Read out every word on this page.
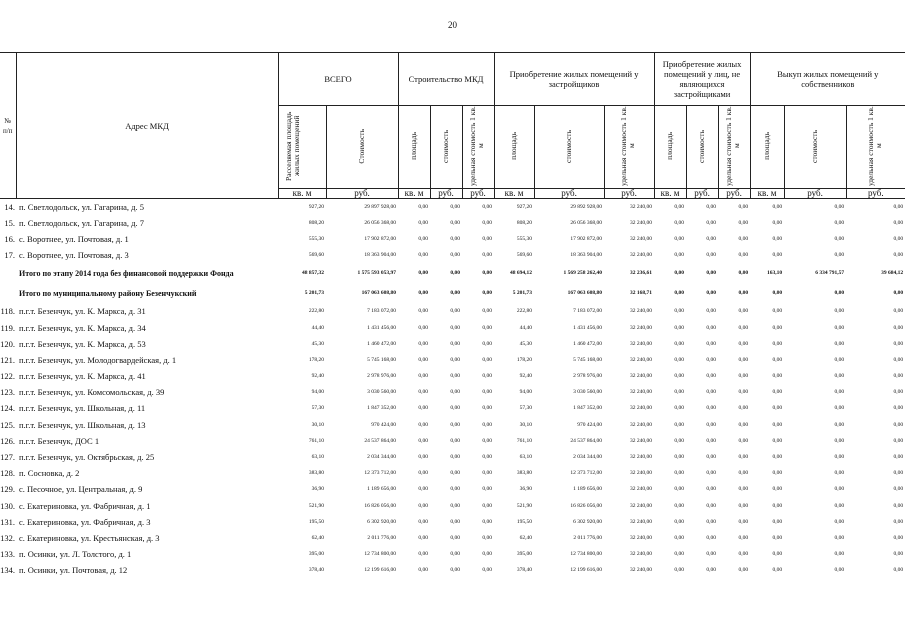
20
№ п/п	Адрес МКД	ВСЕГО		Строительство МКД			Приобретение жилых помещений у застройщиков			Приобретение жилых помещений у лиц, не являющихся застройщиками			Выкуп жилых помещений у собственников		
		Расселяемая площадь жилых помещений	Стоимость	площадь	стоимость	удельная стоимость 1 кв. м	площадь	стоимость	удельная стоимость 1 кв. м	площадь	стоимость	удельная стоимость 1 кв. м	площадь	стоимость	удельная стоимость 1 кв. м
		кв. м	руб.	кв. м	руб.	руб.	кв. м	руб.	руб.	кв. м	руб.	руб.	кв. м	руб.	руб.
14.	п. Светлодольск, ул. Гагарина, д. 5	927,20	29 897 928,00	0,00	0,00	0,00	927,20	29 892 928,00	32 240,00	0,00	0,00	0,00	0,00	0,00	0,00
15.	п. Светлодольск, ул. Гагарина, д. 7	808,20	26 056 368,00	0,00	0,00	0,00	808,20	26 056 368,00	32 240,00	0,00	0,00	0,00	0,00	0,00	0,00
16.	с. Воротнее, ул. Почтовая, д. 1	555,30	17 902 872,00	0,00	0,00	0,00	555,30	17 902 872,00	32 240,00	0,00	0,00	0,00	0,00	0,00	0,00
17.	с. Воротнее, ул. Почтовая, д. 3	569,60	18 363 904,00	0,00	0,00	0,00	569,60	18 363 904,00	32 240,00	0,00	0,00	0,00	0,00	0,00	0,00
	Итого по этапу 2014 года без финансовой поддержки Фонда	48 857,32	1 575 593 053,97	0,00	0,00	0,00	48 694,12	1 569 258 262,40	32 236,61	0,00	0,00	0,00	163,10	6 334 791,57	39 684,12
	Итого по муниципальному району Безенчукский	5 201,73	167 063 608,80	0,00	0,00	0,00	5 201,73	167 063 608,80	32 168,71	0,00	0,00	0,00	0,00	0,00	0,00
118.	п.г.т. Безенчук, ул. К. Маркса, д. 31	222,80	7 183 072,00	0,00	0,00	0,00	222,80	7 183 072,00	32 240,00	0,00	0,00	0,00	0,00	0,00	0,00
119.	п.г.т. Безенчук, ул. К. Маркса, д. 34	44,40	1 431 456,00	0,00	0,00	0,00	44,40	1 431 456,00	32 240,00	0,00	0,00	0,00	0,00	0,00	0,00
120.	п.г.т. Безенчук, ул. К. Маркса, д. 53	45,30	1 460 472,00	0,00	0,00	0,00	45,30	1 460 472,00	32 240,00	0,00	0,00	0,00	0,00	0,00	0,00
121.	п.г.т. Безенчук, ул. Молодогвардейская, д. 1	178,20	5 745 168,00	0,00	0,00	0,00	178,20	5 745 168,00	32 240,00	0,00	0,00	0,00	0,00	0,00	0,00
122.	п.г.т. Безенчук, ул. К. Маркса, д. 41	92,40	2 978 976,00	0,00	0,00	0,00	92,40	2 978 976,00	32 240,00	0,00	0,00	0,00	0,00	0,00	0,00
123.	п.г.т. Безенчук, ул. Комсомольская, д. 39	94,00	3 030 560,00	0,00	0,00	0,00	94,00	3 030 560,00	32 240,00	0,00	0,00	0,00	0,00	0,00	0,00
124.	п.г.т. Безенчук, ул. Школьная, д. 11	57,30	1 847 352,00	0,00	0,00	0,00	57,30	1 847 352,00	32 240,00	0,00	0,00	0,00	0,00	0,00	0,00
125.	п.г.т. Безенчук, ул. Школьная, д. 13	30,10	970 424,00	0,00	0,00	0,00	30,10	970 424,00	32 240,00	0,00	0,00	0,00	0,00	0,00	0,00
126.	п.г.т. Безенчук, ДОС 1	761,10	24 537 864,00	0,00	0,00	0,00	761,10	24 537 864,00	32 240,00	0,00	0,00	0,00	0,00	0,00	0,00
127.	п.г.т. Безенчук, ул. Октябрьская, д. 25	63,10	2 034 344,00	0,00	0,00	0,00	63,10	2 034 344,00	32 240,00	0,00	0,00	0,00	0,00	0,00	0,00
128.	п. Сосновка, д. 2	383,80	12 373 712,00	0,00	0,00	0,00	383,80	12 373 712,00	32 240,00	0,00	0,00	0,00	0,00	0,00	0,00
129.	с. Песочное, ул. Центральная, д. 9	36,90	1 189 656,00	0,00	0,00	0,00	36,90	1 189 656,00	32 240,00	0,00	0,00	0,00	0,00	0,00	0,00
130.	с. Екатериновка, ул. Фабричная, д. 1	521,90	16 826 056,00	0,00	0,00	0,00	521,90	16 826 056,00	32 240,00	0,00	0,00	0,00	0,00	0,00	0,00
131.	с. Екатериновка, ул. Фабричная, д. 3	195,50	6 302 920,00	0,00	0,00	0,00	195,50	6 302 920,00	32 240,00	0,00	0,00	0,00	0,00	0,00	0,00
132.	с. Екатериновка, ул. Крестьянская, д. 3	62,40	2 011 776,00	0,00	0,00	0,00	62,40	2 011 776,00	32 240,00	0,00	0,00	0,00	0,00	0,00	0,00
133.	п. Осинки, ул. Л. Толстого, д. 1	395,00	12 734 800,00	0,00	0,00	0,00	395,00	12 734 800,00	32 240,00	0,00	0,00	0,00	0,00	0,00	0,00
134.	п. Осинки, ул. Почтовая, д. 12	378,40	12 199 616,00	0,00	0,00	0,00	378,40	12 199 616,00	32 240,00	0,00	0,00	0,00	0,00	0,00	0,00
